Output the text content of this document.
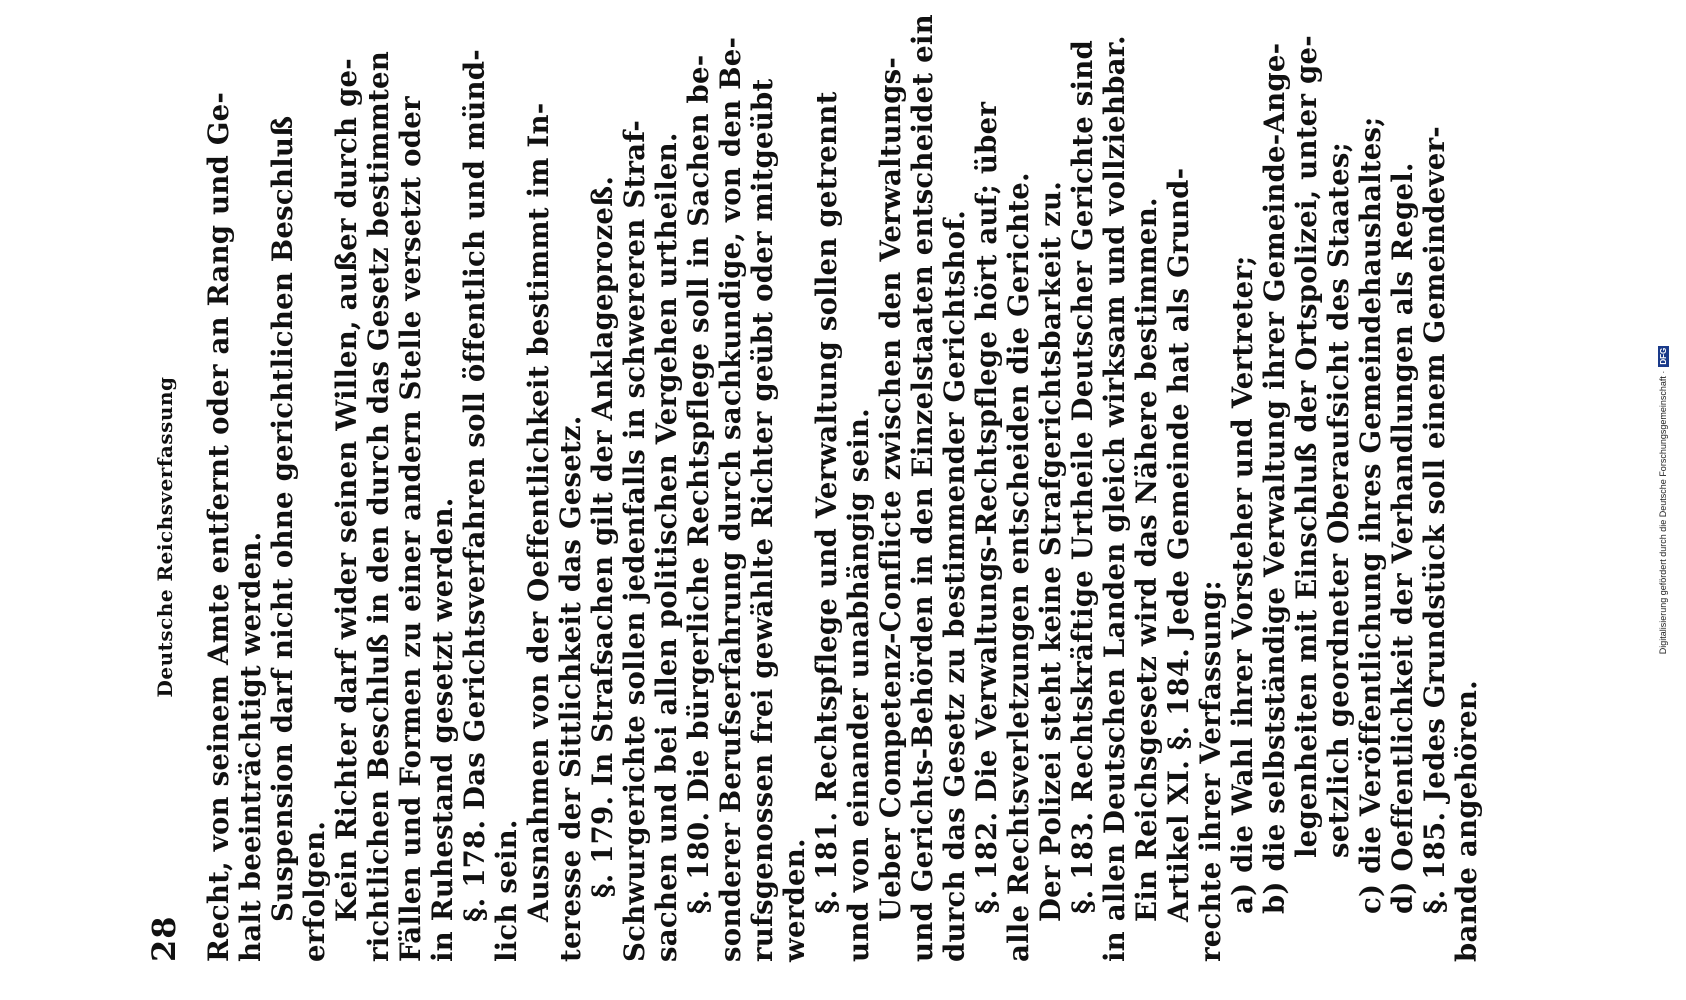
28
Deutsche Reichsverfassung Recht, von seinem Amte entfernt oder an Rang und Ge- halt beeinträchtigt werden. Suspension darf nicht ohne gerichtlichen Beschluß erfolgen. Kein Richter darf wider seinen Willen, außer durch ge- richtlichen Beschluß in den durch das Gesetz bestimmten Fällen und Formen zu einer andern Stelle versetzt oder in Ruhestand gesetzt werden. §. 178. Das Gerichtsverfahren soll öffentlich und münd- lich sein. Ausnahmen von der Oeffentlichkeit bestimmt im In- teresse der Sittlichkeit das Gesetz. §. 179. In Strafsachen gilt der Anklageprozeß. Schwurgerichte sollen jedenfalls in schwereren Straf- sachen und bei allen politischen Vergehen urtheilen. §. 180. Die bürgerliche Rechtspflege soll in Sachen be- sonderer Berufserfahrung durch sachkundige, von den Be- rufsgenossen frei gewählte Richter geübt oder mitgeübt werden. §. 181. Rechtspflege und Verwaltung sollen getrennt und von einander unabhängig sein. Ueber Competenz-Conflicte zwischen den Verwaltungs- und Gerichts-Behörden in den Einzelstaaten entscheidet ein durch das Gesetz zu bestimmender Gerichtshof. §. 182. Die Verwaltungs-Rechtspflege hört auf; über alle Rechtsverletzungen entscheiden die Gerichte. Der Polizei steht keine Strafgerichtsbarkeit zu. §. 183. Rechtskräftige Urtheile Deutscher Gerichte sind in allen Deutschen Landen gleich wirksam und vollziehbar. Ein Reichsgesetz wird das Nähere bestimmen. Artikel XI. §. 184. Jede Gemeinde hat als Grund- rechte ihrer Verfassung: a) die Wahl ihrer Vorsteher und Vertreter; b) die selbstständige Verwaltung ihrer Gemeinde-Ange- legenheiten mit Einschluß der Ortspolizei, unter ge- setzlich geordneter Oberaufsicht des Staates; c) die Veröffentlichung ihres Gemeindehaushaltes; d) Oeffentlichkeit der Verhandlungen als Regel. §. 185. Jedes Grundstück soll einem Gemeindever- bande angehören.
Digitalisierung gefördert durch die Deutsche Forschungsgemeinschaft ·DFG
